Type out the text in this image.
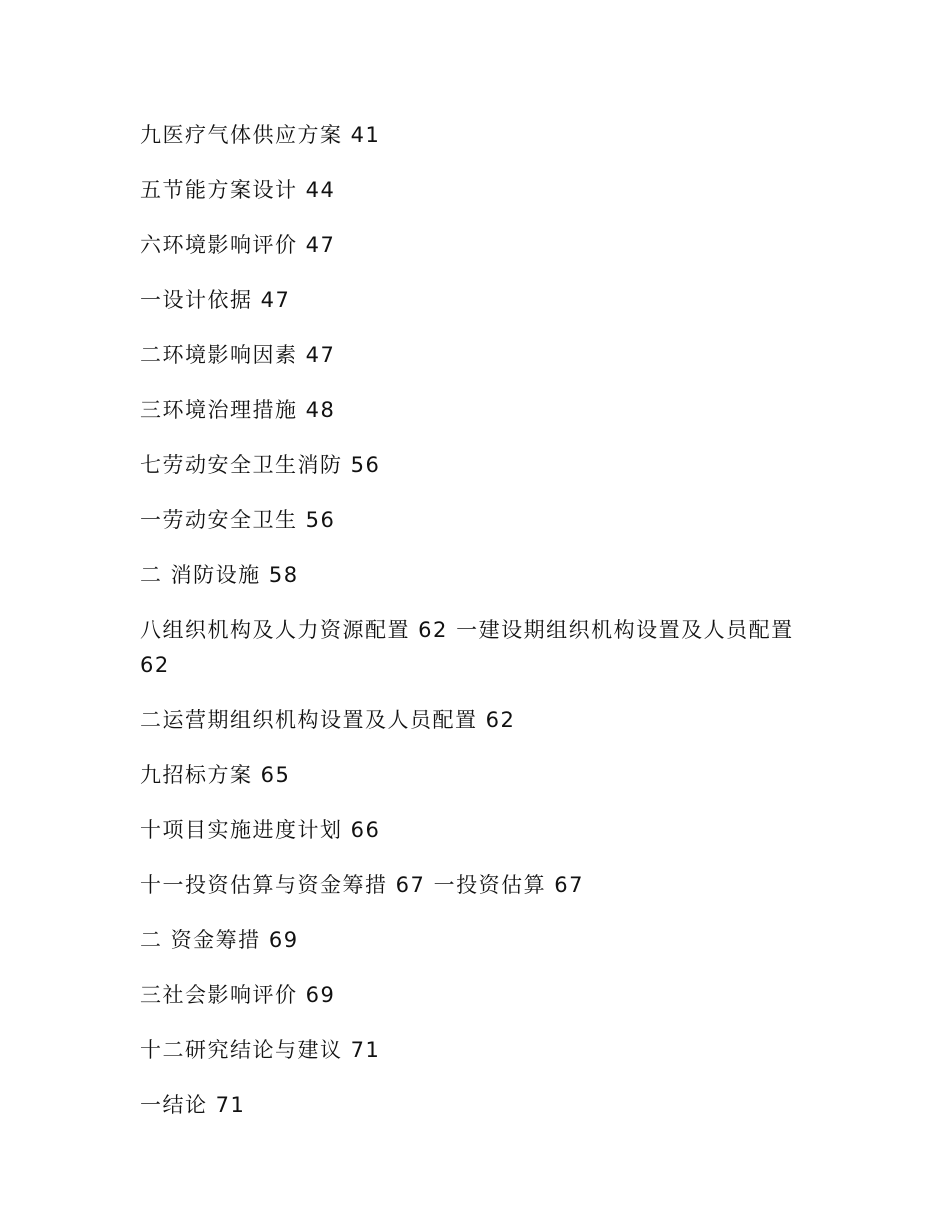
九医疗气体供应方案 41
五节能方案设计 44
六环境影响评价 47
一设计依据 47
二环境影响因素 47
三环境治理措施 48
七劳动安全卫生消防 56
一劳动安全卫生 56
二 消防设施 58
八组织机构及人力资源配置 62 一建设期组织机构设置及人员配置 62
二运营期组织机构设置及人员配置 62
九招标方案 65
十项目实施进度计划 66
十一投资估算与资金筹措 67 一投资估算 67
二 资金筹措 69
三社会影响评价 69
十二研究结论与建议 71
一结论 71
